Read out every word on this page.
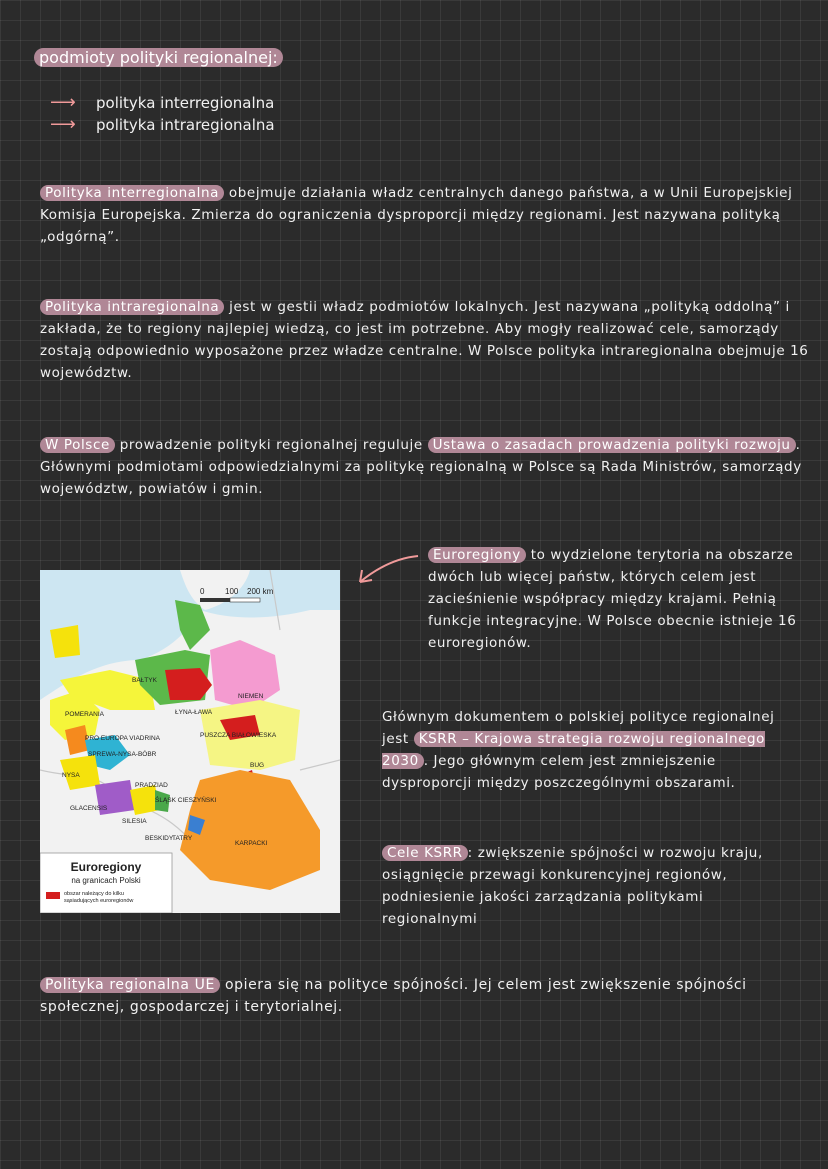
podmioty polityki regionalnej:
⟶	polityka interregionalna
⟶	polityka intraregionalna
Polityka interregionalna obejmuje działania władz centralnych danego państwa, a w Unii Europejskiej Komisja Europejska. Zmierza do ograniczenia dysproporcji między regionami. Jest nazywana polityką „odgórną”.
Polityka intraregionalna jest w gestii władz podmiotów lokalnych. Jest nazywana „polityką oddolną” i zakłada, że to regiony najlepiej wiedzą, co jest im potrzebne. Aby mogły realizować cele, samorządy zostają odpowiednio wyposażone przez władze centralne. W Polsce polityka intraregionalna obejmuje 16 województw.
W Polsce prowadzenie polityki regionalnej reguluje Ustawa o zasadach prowadzenia polityki rozwoju . Głównymi podmiotami odpowiedzialnymi za politykę regionalną w Polsce są Rada Ministrów, samorządy województw, powiatów i gmin.
Euroregiony to wydzielone terytoria na obszarze dwóch lub więcej państw, których celem jest zacieśnienie współpracy między krajami. Pełnią funkcje integracyjne. W Polsce obecnie istnieje 16 euroregionów.
Głównym dokumentem o polskiej polityce regionalnej jest KSRR – Krajowa strategia rozwoju regionalnego 2030 . Jego głównym celem jest zmniejszenie dysproporcji między poszczególnymi obszarami.
Cele KSRR : zwiększenie spójności w rozwoju kraju, osiągnięcie przewagi konkurencyjnej regionów, podniesienie jakości zarządzania politykami regionalnymi
Polityka regionalna UE opiera się na polityce spójności. Jej celem jest zwiększenie spójności społecznej, gospodarczej i terytorialnej.
0	100 200 km
BAŁTYK
NIEMEN
ŁYNA-ŁAWA
POMERANIA
PRO EUROPA VIADRINA	PUSZCZA BIAŁOWIESKA
SPREWA-NYSA-BÓBR
BUG
NYSA
PRADZIAD
ŚLĄSK CIESZYŃSKI
GLACENSIS
SILESIA
BESKIDY
TATRY
KARPACKI
Euroregiony
na granicach Polski
obszar należący do kilku
sąsiadujących euroregionów
